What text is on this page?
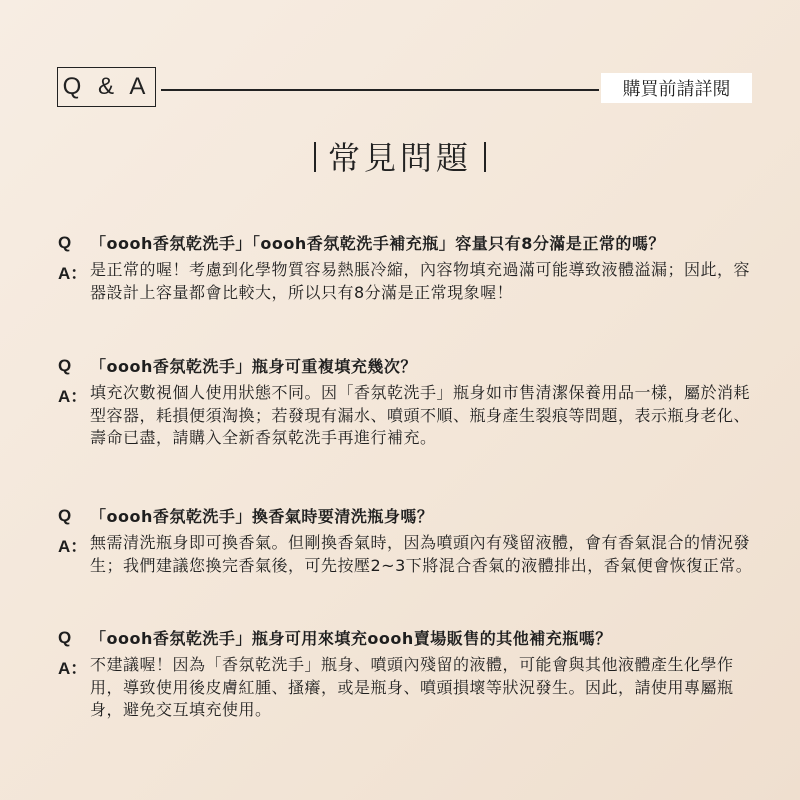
Q & A	購買前請詳閱
常見問題
Q	「oooh香氛乾洗手」「oooh香氛乾洗手補充瓶」容量只有8分滿是正常的嗎？
A： 是正常的喔！考慮到化學物質容易熱脹冷縮，內容物填充過滿可能導致液體溢漏；因此，容器設計上容量都會比較大，所以只有8分滿是正常現象喔！
Q	「oooh香氛乾洗手」瓶身可重複填充幾次？
A： 填充次數視個人使用狀態不同。因「香氛乾洗手」瓶身如市售清潔保養用品一樣，屬於消耗型容器，耗損便須淘換；若發現有漏水、噴頭不順、瓶身產生裂痕等問題，表示瓶身老化、壽命已盡，請購入全新香氛乾洗手再進行補充。
Q	「oooh香氛乾洗手」換香氣時要清洗瓶身嗎？
A： 無需清洗瓶身即可換香氣。但剛換香氣時，因為噴頭內有殘留液體，會有香氣混合的情況發生；我們建議您換完香氣後，可先按壓2~3下將混合香氣的液體排出，香氣便會恢復正常。
Q	「oooh香氛乾洗手」瓶身可用來填充oooh賣場販售的其他補充瓶嗎？
A： 不建議喔！因為「香氛乾洗手」瓶身、噴頭內殘留的液體，可能會與其他液體產生化學作用，導致使用後皮膚紅腫、搔癢，或是瓶身、噴頭損壞等狀況發生。因此，請使用專屬瓶身，避免交互填充使用。
